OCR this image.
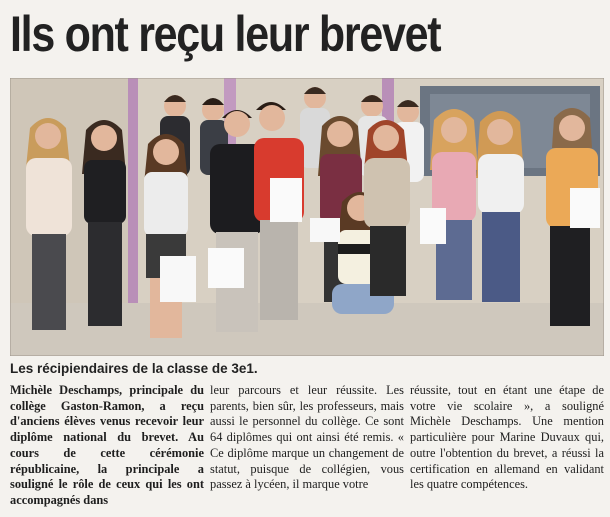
Ils ont reçu leur brevet
Les récipiendaires de la classe de 3e1.

Michèle Deschamps, principale du collège Gaston-Ramon, a reçu d'anciens élèves venus recevoir leur diplôme national du brevet. Au cours de cette cérémonie républicaine, la principale a souligné le rôle de ceux qui les ont accompagnés dans

leur parcours et leur réussite. Les parents, bien sûr, les professeurs, mais aussi le personnel du collège. Ce sont 64 diplômes qui ont ainsi été remis. « Ce diplôme marque un changement de statut, puisque de collégien, vous passez à lycéen, il marque votre

réussite, tout en étant une étape de votre vie scolaire », a souligné Michèle Deschamps. Une mention particulière pour Marine Duvaux qui, outre l'obtention du brevet, a réussi la certification en allemand en validant les quatre compétences.
